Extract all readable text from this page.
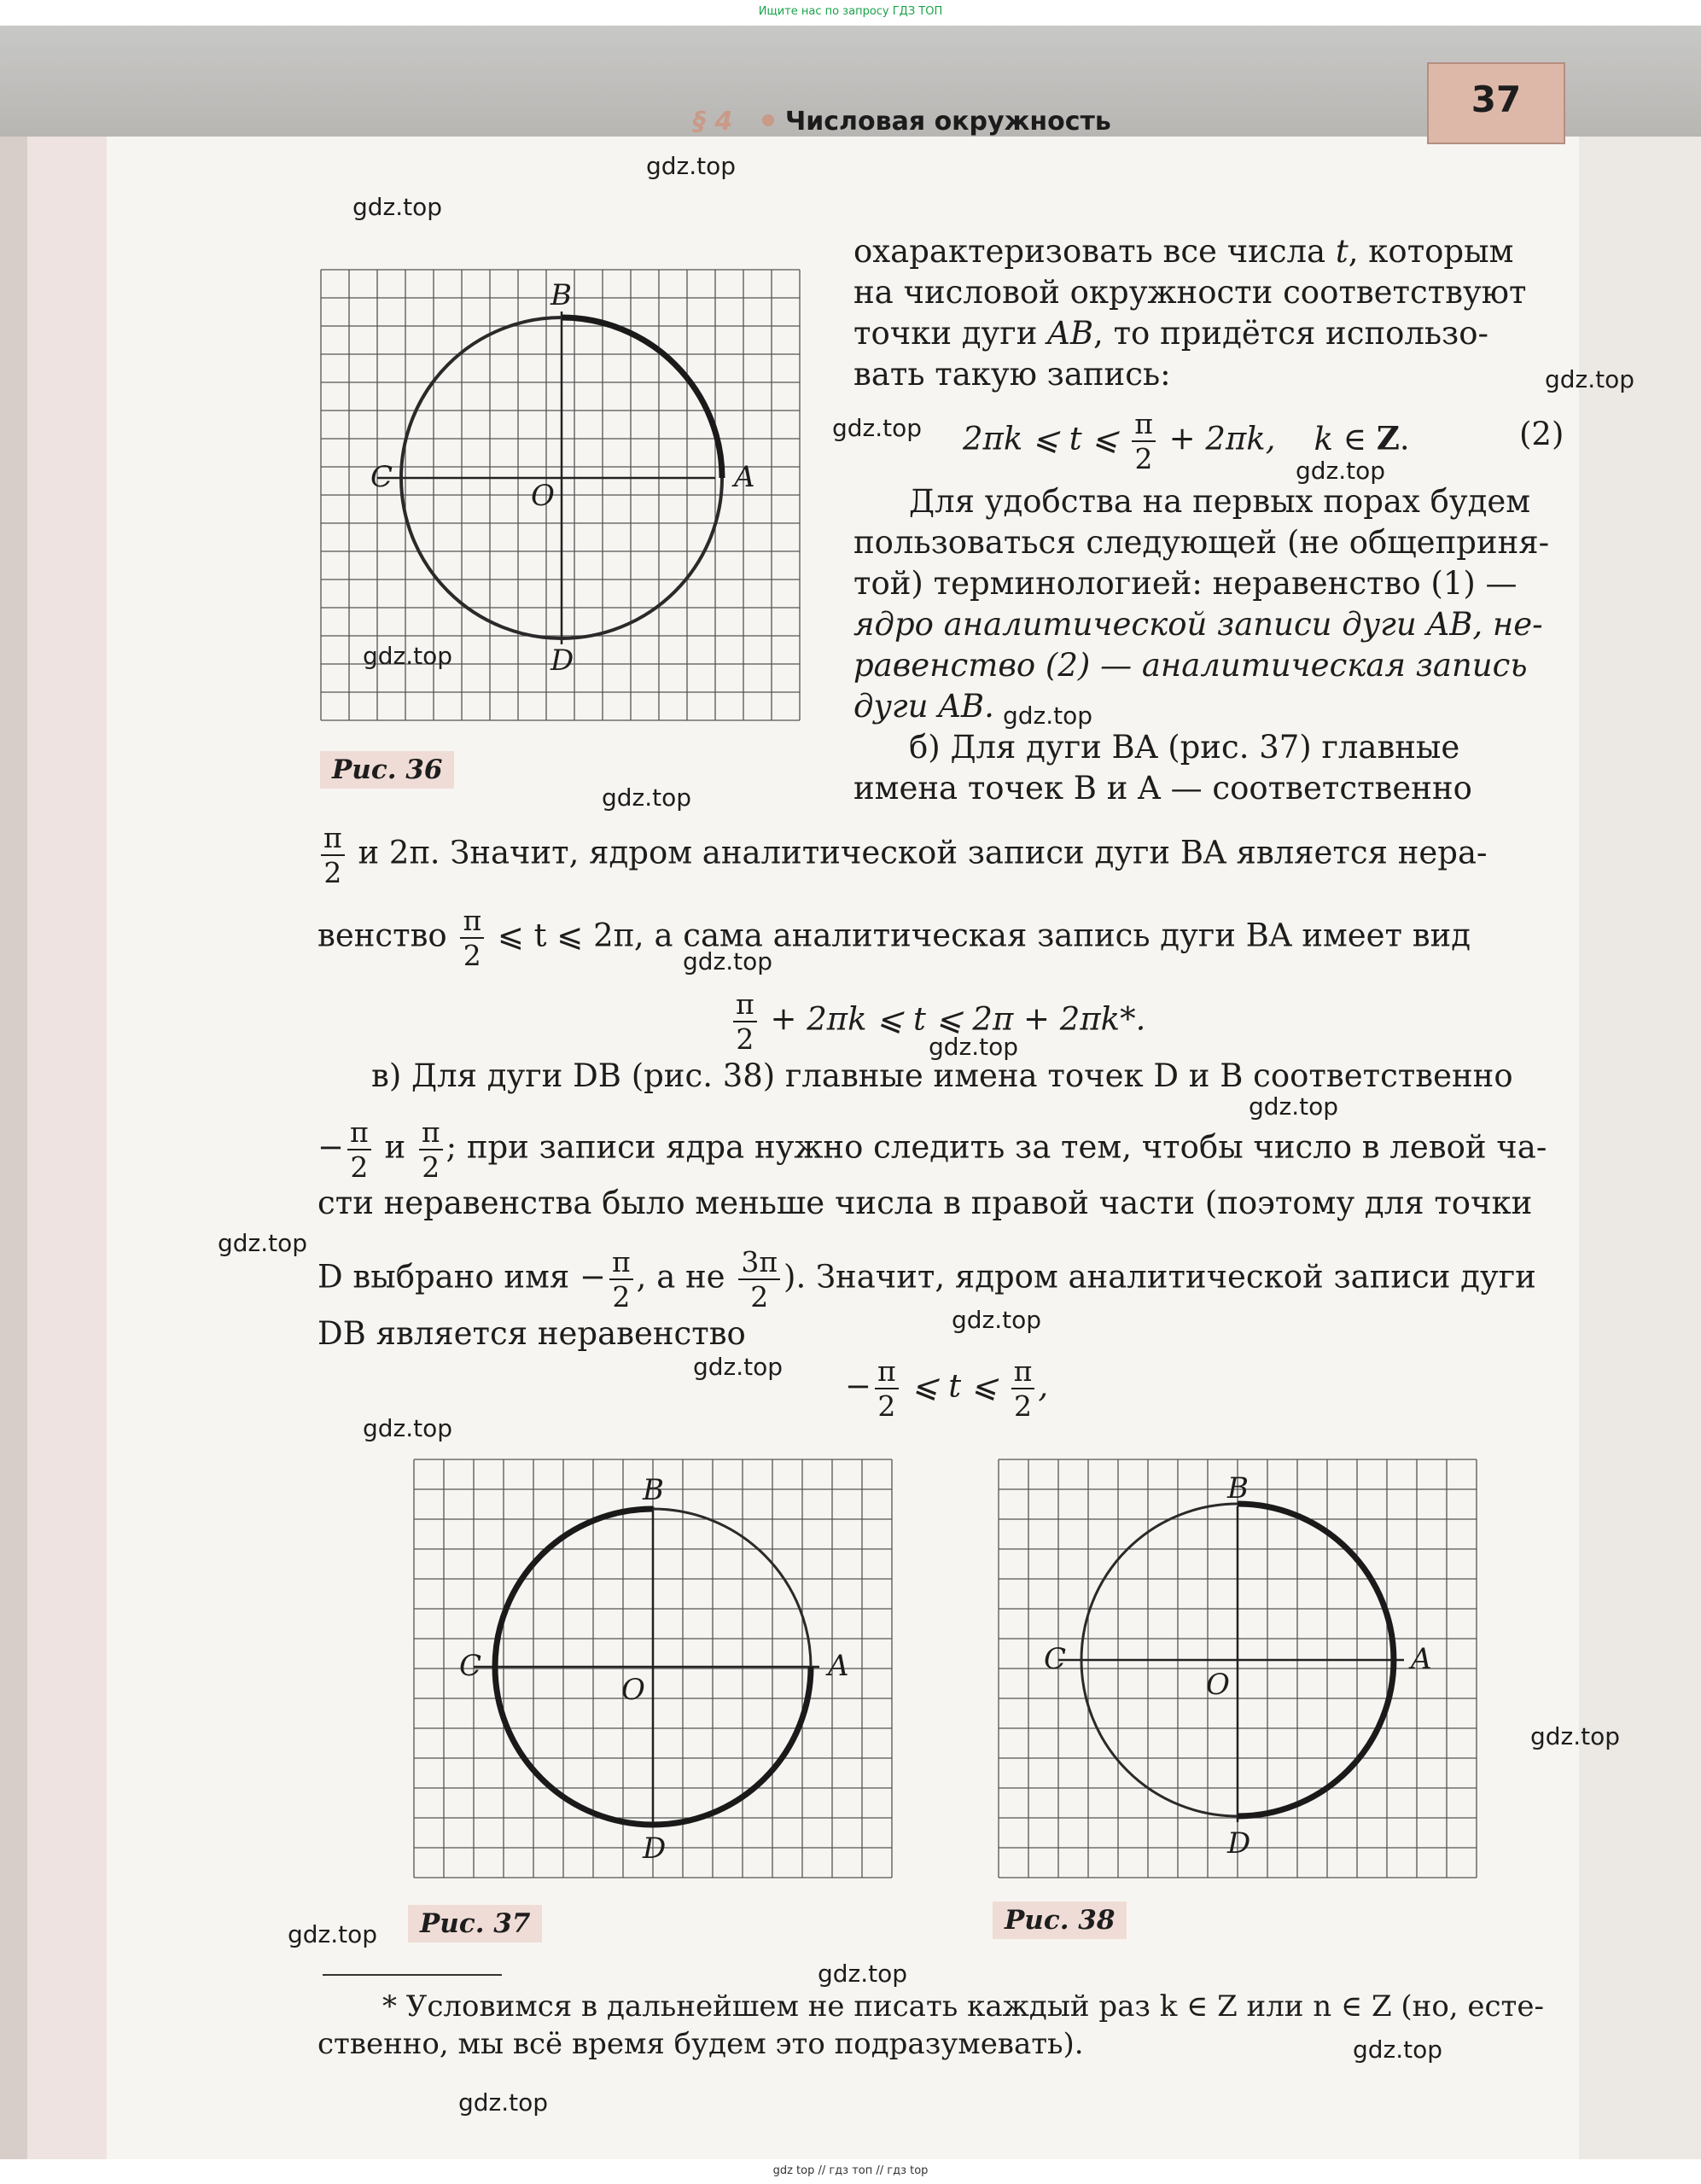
Ищите нас по запросу ГДЗ ТОП
§ 4 Числовая окружность
37
B
A
C
O
D
Рис. 36
охарактеризовать все числа t, которым
на числовой окружности соответствуют
точки дуги AB, то придётся использо-
вать такую запись:
2πk ⩽ t ⩽ $\frac{\pi}{2} + 2\pi k$, k ∈ Z.	(2)
Для удобства на первых порах будем
пользоваться следующей (не общеприня-
той) терминологией: неравенство (1) —
ядро аналитической записи дуги AB, не-
равенство (2) — аналитическая запись
дуги AB.
б) Для дуги BA (рис. 37) главные
имена точек B и A — соответственно
$\frac{\pi}{2}$ и 2π. Значит, ядром аналитической записи дуги BA является нера-
венство $\frac{\pi}{2}$ ⩽ t ⩽ 2π, а сама аналитическая запись дуги BA имеет вид
$\frac{\pi}{2} + 2\pi k$ ⩽ t ⩽ 2π + 2πk*.
в) Для дуги DB (рис. 38) главные имена точек D и B соответственно
− $\frac{\pi}{2}$ и $\frac{\pi}{2}$ ; при записи ядра нужно следить за тем, чтобы число в левой ча-
сти неравенства было меньше числа в правой части (поэтому для точки
D выбрано имя − $\frac{\pi}{2}$ , а не $\frac{3\pi}{2}$ ). Значит, ядром аналитической записи дуги
DB является неравенство
− $\frac{\pi}{2}$ ⩽ t ⩽ $\frac{\pi}{2}$ ,
B
A
C
O
D
Рис. 37
B
A
C
O
D
Рис. 38
* Условимся в дальнейшем не писать каждый раз k ∈ Z или n ∈ Z (но, есте-
ственно, мы всё время будем это подразумевать).
gdz.top
gdz.top
gdz.top
gdz.top
gdz.top
gdz.top
gdz.top
gdz.top
gdz.top
gdz.top
gdz.top
gdz.top
gdz.top
gdz.top
gdz.top
gdz.top
gdz.top
gdz.top
gdz.top
gdz.top
gdz top // гдз топ // гдз top
